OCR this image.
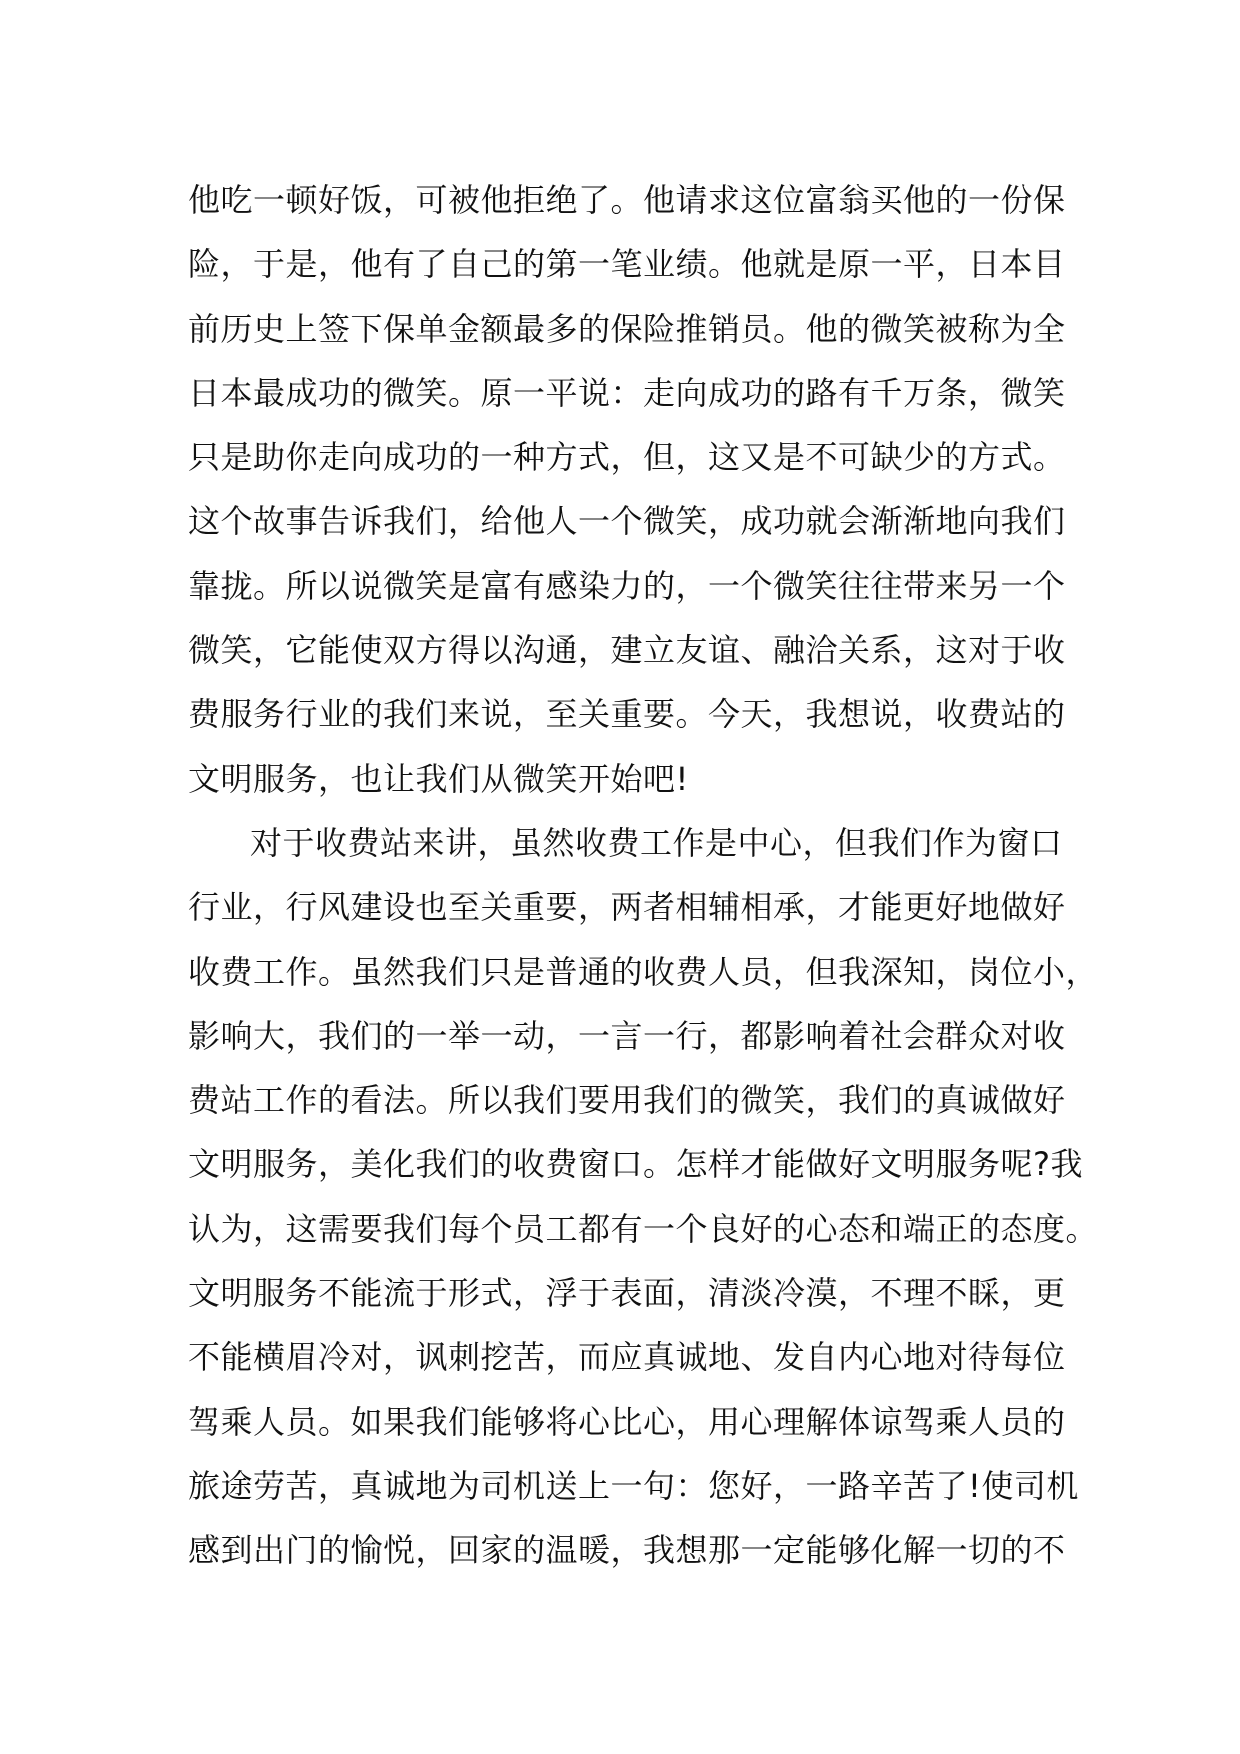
他吃一顿好饭，可被他拒绝了。他请求这位富翁买他的一份保
险，于是，他有了自己的第一笔业绩。他就是原一平，日本目
前历史上签下保单金额最多的保险推销员。他的微笑被称为全
日本最成功的微笑。原一平说：走向成功的路有千万条，微笑
只是助你走向成功的一种方式，但，这又是不可缺少的方式。
这个故事告诉我们，给他人一个微笑，成功就会渐渐地向我们
靠拢。所以说微笑是富有感染力的，一个微笑往往带来另一个
微笑，它能使双方得以沟通，建立友谊、融洽关系，这对于收
费服务行业的我们来说，至关重要。今天，我想说，收费站的
文明服务，也让我们从微笑开始吧!
对于收费站来讲，虽然收费工作是中心，但我们作为窗口
行业，行风建设也至关重要，两者相辅相承，才能更好地做好
收费工作。虽然我们只是普通的收费人员，但我深知，岗位小，
影响大，我们的一举一动，一言一行，都影响着社会群众对收
费站工作的看法。所以我们要用我们的微笑，我们的真诚做好
文明服务，美化我们的收费窗口。怎样才能做好文明服务呢?我
认为，这需要我们每个员工都有一个良好的心态和端正的态度。
文明服务不能流于形式，浮于表面，清淡冷漠，不理不睬，更
不能横眉冷对，讽刺挖苦，而应真诚地、发自内心地对待每位
驾乘人员。如果我们能够将心比心，用心理解体谅驾乘人员的
旅途劳苦，真诚地为司机送上一句：您好，一路辛苦了!使司机
感到出门的愉悦，回家的温暖，我想那一定能够化解一切的不
